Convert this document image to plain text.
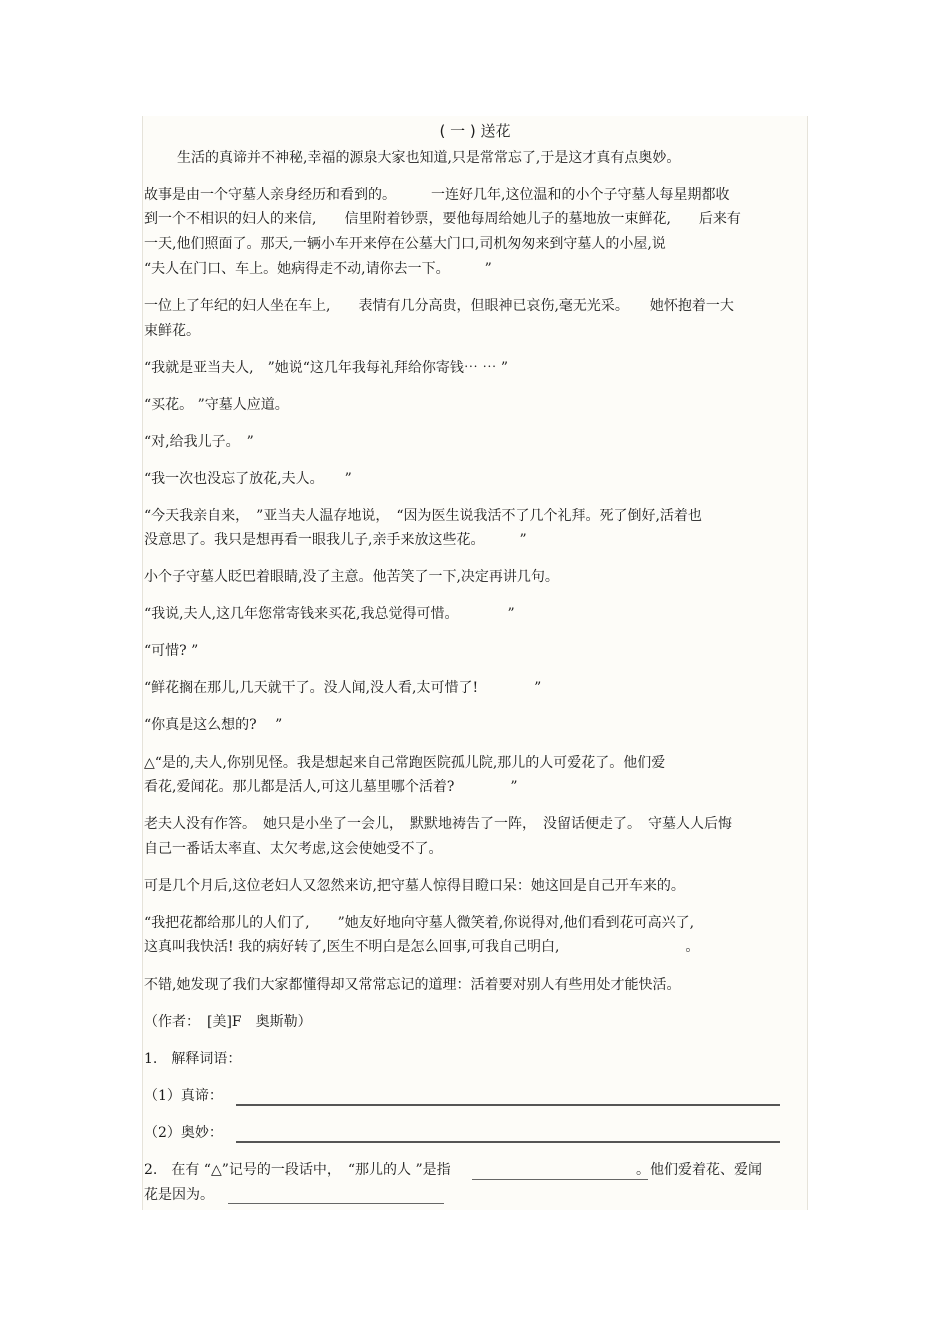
( 一 ) 送花
生活的真谛并不神秘,幸福的源泉大家也知道,只是常常忘了,于是这才真有点奥妙。
故事是由一个守墓人亲身经历和看到的。　　　一连好几年,这位温和的小个子守墓人每星期都收
到一个不相识的妇人的来信,　　信里附着钞票，要他每周给她儿子的墓地放一束鲜花,　　后来有
一天,他们照面了。那天,一辆小车开来停在公墓大门口,司机匆匆来到守墓人的小屋,说
“夫人在门口、车上。她病得走不动,请你去一下。　　　”
一位上了年纪的妇人坐在车上,　　表情有几分高贵，但眼神已哀伤,毫无光采。　　她怀抱着一大
束鲜花。
“我就是亚当夫人,　”她说“这几年我每礼拜给你寄钱⋯ ⋯ ”
“买花。 ”守墓人应道。
“对,给我儿子。　”
“我一次也没忘了放花,夫人。　　”
“今天我亲自来，　”亚当夫人温存地说，　“因为医生说我活不了几个礼拜。死了倒好,活着也
没意思了。我只是想再看一眼我儿子,亲手来放这些花。　　　”
小个子守墓人眨巴着眼睛,没了主意。他苦笑了一下,决定再讲几句。
“我说,夫人,这几年您常寄钱来买花,我总觉得可惜。　　　　”
“可惜? ”
“鲜花搁在那儿,几天就干了。没人闻,没人看,太可惜了!　　　　”
“你真是这么想的? 　”
△“是的,夫人,你别见怪。我是想起来自己常跑医院孤儿院,那儿的人可爱花了。他们爱
看花,爱闻花。那儿都是活人,可这儿墓里哪个活着?　　　　”
老夫人没有作答。　她只是小坐了一会儿，　默默地祷告了一阵，　没留话便走了。　守墓人人后悔
自己一番话太率直、太欠考虑,这会使她受不了。
可是几个月后,这位老妇人又忽然来访,把守墓人惊得目瞪口呆：她这回是自己开车来的。
“我把花都给那儿的人们了,　　”她友好地向守墓人微笑着,你说得对,他们看到花可高兴了,
这真叫我快活! 我的病好转了,医生不明白是怎么回事,可我自己明白,　　　　　　　　　。
不错,她发现了我们大家都懂得却又常常忘记的道理：活着要对别人有些用处才能快活。
（作者：　[美]F　奥斯勒）
1.　解释词语：
（1）真谛：
（2）奥妙：
2.　在有 “△”记号的一段话中，　“那儿的人 ”是指	。他们爱着花、爱闻
花是因为。
